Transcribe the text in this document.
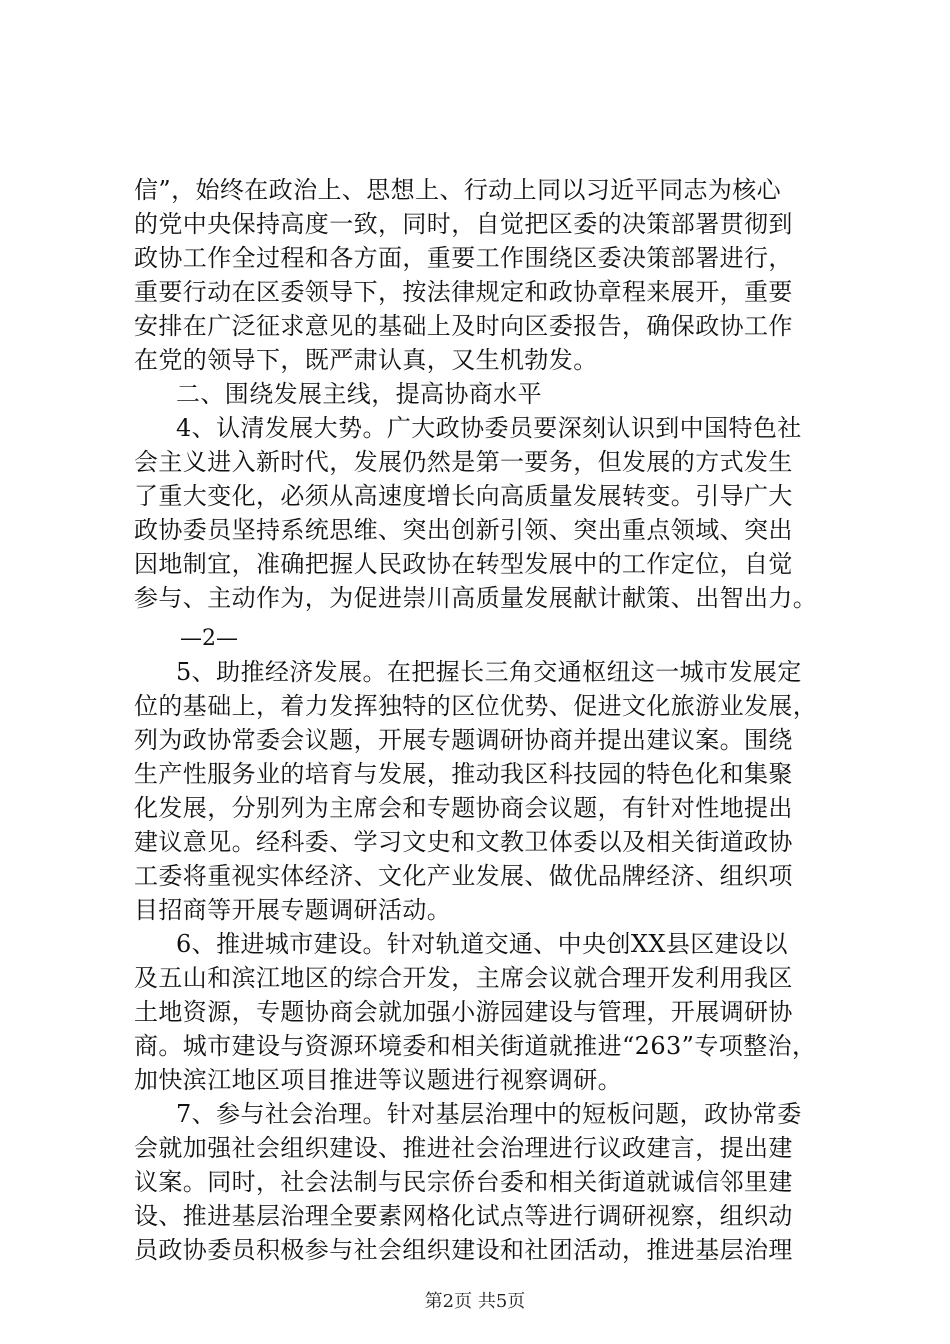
信”，始终在政治上、思想上、行动上同以习近平同志为核心
的党中央保持高度一致，同时，自觉把区委的决策部署贯彻到
政协工作全过程和各方面，重要工作围绕区委决策部署进行，
重要行动在区委领导下，按法律规定和政协章程来展开，重要
安排在广泛征求意见的基础上及时向区委报告，确保政协工作
在党的领导下，既严肃认真，又生机勃发。
二、围绕发展主线，提高协商水平
4、认清发展大势。广大政协委员要深刻认识到中国特色社
会主义进入新时代，发展仍然是第一要务，但发展的方式发生
了重大变化，必须从高速度增长向高质量发展转变。引导广大
政协委员坚持系统思维、突出创新引领、突出重点领域、突出
因地制宜，准确把握人民政协在转型发展中的工作定位，自觉
参与、主动作为，为促进崇川高质量发展献计献策、出智出力。
—2—
5、助推经济发展。在把握长三角交通枢纽这一城市发展定
位的基础上，着力发挥独特的区位优势、促进文化旅游业发展，
列为政协常委会议题，开展专题调研协商并提出建议案。围绕
生产性服务业的培育与发展，推动我区科技园的特色化和集聚
化发展，分别列为主席会和专题协商会议题，有针对性地提出
建议意见。经科委、学习文史和文教卫体委以及相关街道政协
工委将重视实体经济、文化产业发展、做优品牌经济、组织项
目招商等开展专题调研活动。
6、推进城市建设。针对轨道交通、中央创XX县区建设以
及五山和滨江地区的综合开发，主席会议就合理开发利用我区
土地资源，专题协商会就加强小游园建设与管理，开展调研协
商。城市建设与资源环境委和相关街道就推进“263”专项整治，
加快滨江地区项目推进等议题进行视察调研。
7、参与社会治理。针对基层治理中的短板问题，政协常委
会就加强社会组织建设、推进社会治理进行议政建言，提出建
议案。同时，社会法制与民宗侨台委和相关街道就诚信邻里建
设、推进基层治理全要素网格化试点等进行调研视察，组织动
员政协委员积极参与社会组织建设和社团活动，推进基层治理
第2页 共5页
